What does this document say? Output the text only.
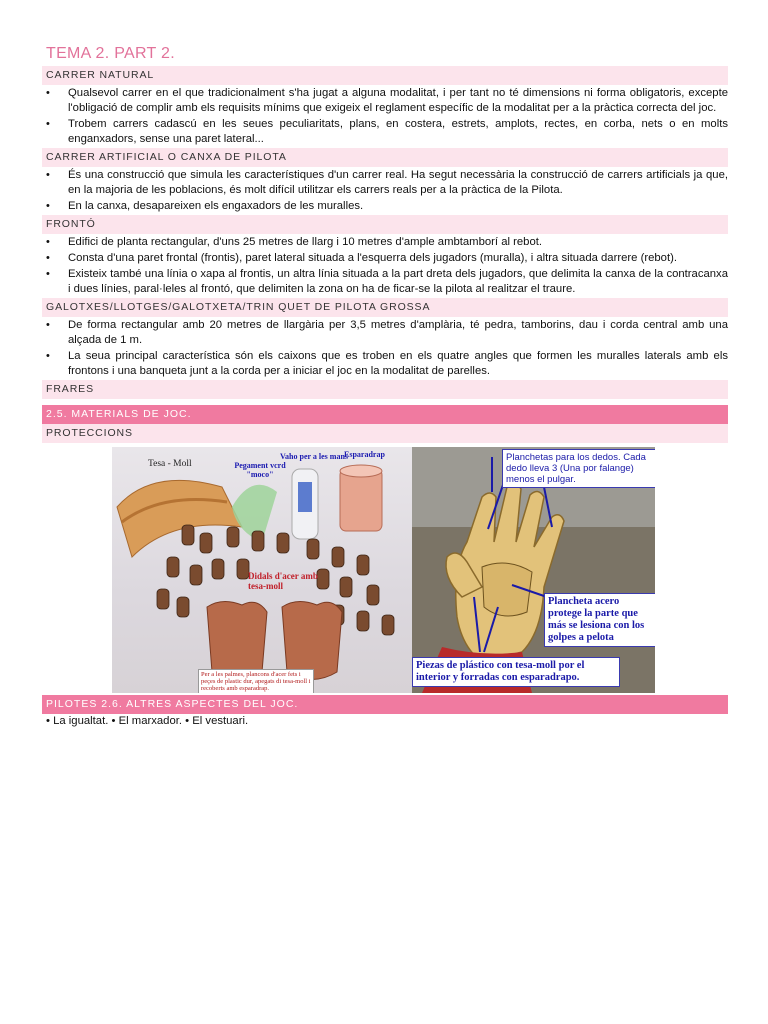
TEMA 2. PART 2.
CARRER NATURAL
• Qualsevol carrer en el que tradicionalment s'ha jugat a alguna modalitat, i per tant no té dimensions ni forma obligatoris, excepte l'obligació de complir amb els requisits mínims que exigeix el reglament específic de la modalitat per a la pràctica correcta del joc.
• Trobem carrers cadascú en les seues peculiaritats, plans, en costera, estrets, amplots, rectes, en corba, nets o en molts enganxadors, sense una paret lateral...
CARRER ARTIFICIAL O CANXA DE PILOTA
• És una construcció que simula les característiques d'un carrer real. Ha segut necessària la construcció de carrers artificials ja que, en la majoria de les poblacions, és molt difícil utilitzar els carrers reals per a la pràctica de la Pilota.
• En la canxa, desapareixen els engaxadors de les muralles.
FRONTÓ
• Edifici de planta rectangular, d'uns 25 metres de llarg i 10 metres d'ample ambtamborí al rebot.
• Consta d'una paret frontal (frontis), paret lateral situada a l'esquerra dels jugadors (muralla), i altra situada darrere (rebot).
• Existeix també una línia o xapa al frontis, un altra línia situada a la part dreta dels jugadors, que delimita la canxa de la contracanxa i dues línies, paral·leles al frontó, que delimiten la zona on ha de ficar-se la pilota al realitzar el traure.
GALOTXES/LLOTGES/GALOTXETA/TRIN QUET DE PILOTA GROSSA
• De forma rectangular amb 20 metres de llargària per 3,5 metres d'amplària, té pedra, tamborins, dau i corda central amb una alçada de 1 m.
• La seua principal característica són els caixons que es troben en els quatre angles que formen les muralles laterals amb els frontons i una banqueta junt a la corda per a iniciar el joc en la modalitat de parelles.
FRARES
2.5. MATERIALS DE JOC.
PROTECCIONS
Tesa - Moll	Pegament vcrd "moco"
Vaho per a les mans
Esparadrap
Didals d'acer amb tesa-moll
Per a les palmes, plancons d'acer fets i peçes de plastic dur, apegats di tesa-moll i recoberts amb esparadrap.
Planchetas para los dedos. Cada dedo lleva 3 (Una por falange) menos el pulgar.
Plancheta acero protege la parte que más se lesiona con los golpes a pelota
Piezas de plástico con tesa-moll por el interior y forradas con esparadrapo.
PILOTES 2.6. ALTRES ASPECTES DEL JOC.
• La igualtat. • El marxador. • El vestuari.
